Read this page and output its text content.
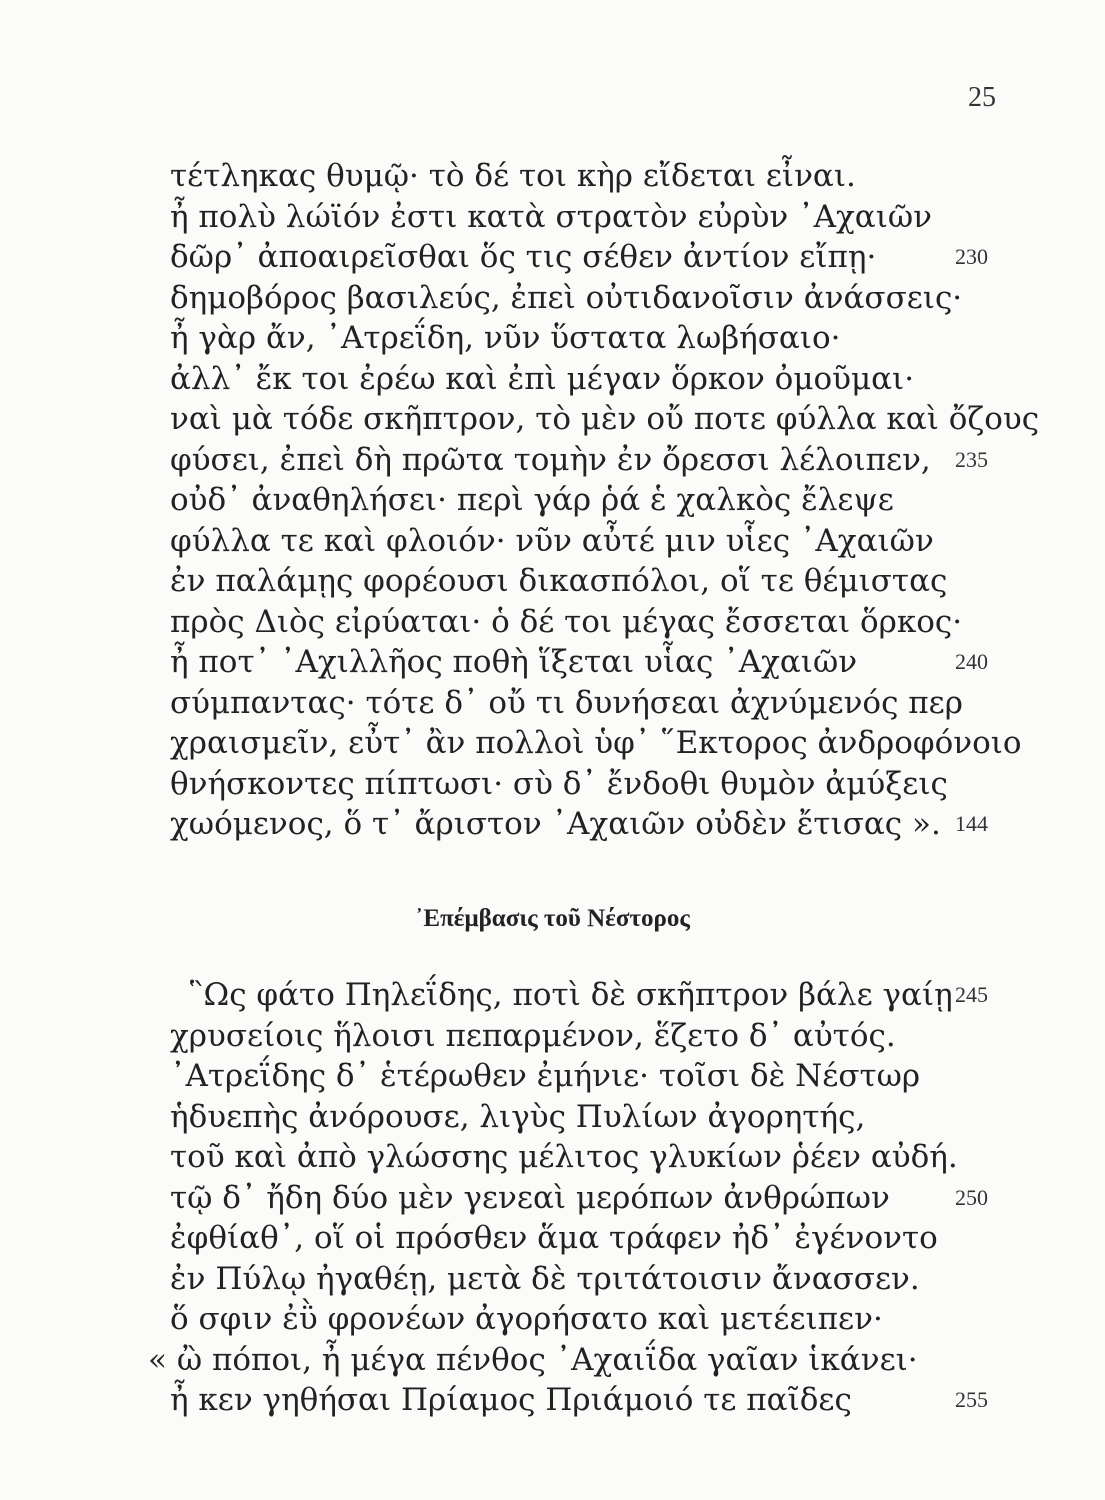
25
τέτληκας θυμῷ· τὸ δέ τοι κὴρ εἴδεται εἶναι.
ἦ πολὺ λώϊόν ἐστι κατὰ στρατὸν εὐρὺν ᾿Αχαιῶν
δῶρ᾿ ἀποαιρεῖσθαι ὅς τις σέθεν ἀντίον εἴπῃ·	230
δημοβόρος βασιλεύς, ἐπεὶ οὐτιδανοῖσιν ἀνάσσεις·
ἦ γὰρ ἄν, ᾿Ατρεΐδη, νῦν ὕστατα λωβήσαιο·
ἀλλ᾿ ἔκ τοι ἐρέω καὶ ἐπὶ μέγαν ὅρκον ὀμοῦμαι·
ναὶ μὰ τόδε σκῆπτρον, τὸ μὲν οὔ ποτε φύλλα καὶ ὄζους
φύσει, ἐπεὶ δὴ πρῶτα τομὴν ἐν ὄρεσσι λέλοιπεν, 235
οὐδ᾿ ἀναθηλήσει· περὶ γάρ ῥά ἑ χαλκὸς ἔλεψε
φύλλα τε καὶ φλοιόν· νῦν αὖτέ μιν υἷες ᾿Αχαιῶν
ἐν παλάμῃς φορέουσι δικασπόλοι, οἵ τε θέμιστας
πρὸς Διὸς εἰρύαται· ὁ δέ τοι μέγας ἔσσεται ὅρκος·
ἦ ποτ᾿ ᾿Αχιλλῆος ποθὴ ἵξεται υἷας ᾿Αχαιῶν	240
σύμπαντας· τότε δ᾿ οὔ τι δυνήσεαι ἀχνύμενός περ
χραισμεῖν, εὖτ᾿ ἂν πολλοὶ ὑφ᾿ ῞Εκτορος ἀνδροφόνοιο
θνήσκοντες πίπτωσι· σὺ δ᾿ ἔνδοθι θυμὸν ἀμύξεις
χωόμενος, ὅ τ᾿ ἄριστον ᾿Αχαιῶν οὐδὲν ἔτισας ». 144
᾿Επέμβασις τοῦ Νέστορος
῝Ως φάτο Πηλεΐδης, ποτὶ δὲ σκῆπτρον βάλε γαίῃ 245
χρυσείοις ἥλοισι πεπαρμένον, ἕζετο δ᾿ αὐτός.
᾿Ατρεΐδης δ᾿ ἑτέρωθεν ἐμήνιε· τοῖσι δὲ Νέστωρ
ἡδυεπὴς ἀνόρουσε, λιγὺς Πυλίων ἀγορητής,
τοῦ καὶ ἀπὸ γλώσσης μέλιτος γλυκίων ῥέεν αὐδή.
τῷ δ᾿ ἤδη δύο μὲν γενεαὶ μερόπων ἀνθρώπων	250
ἐφθίαθ᾿, οἵ οἱ πρόσθεν ἅμα τράφεν ἠδ᾿ ἐγένοντο
ἐν Πύλῳ ἠγαθέῃ, μετὰ δὲ τριτάτοισιν ἄνασσεν.
ὅ σφιν ἐῢ φρονέων ἀγορήσατο καὶ μετέειπεν·
« ὢ πόποι, ἦ μέγα πένθος ᾿Αχαιΐδα γαῖαν ἱκάνει·
ἦ κεν γηθήσαι Πρίαμος Πριάμοιό τε παῖδες	255
